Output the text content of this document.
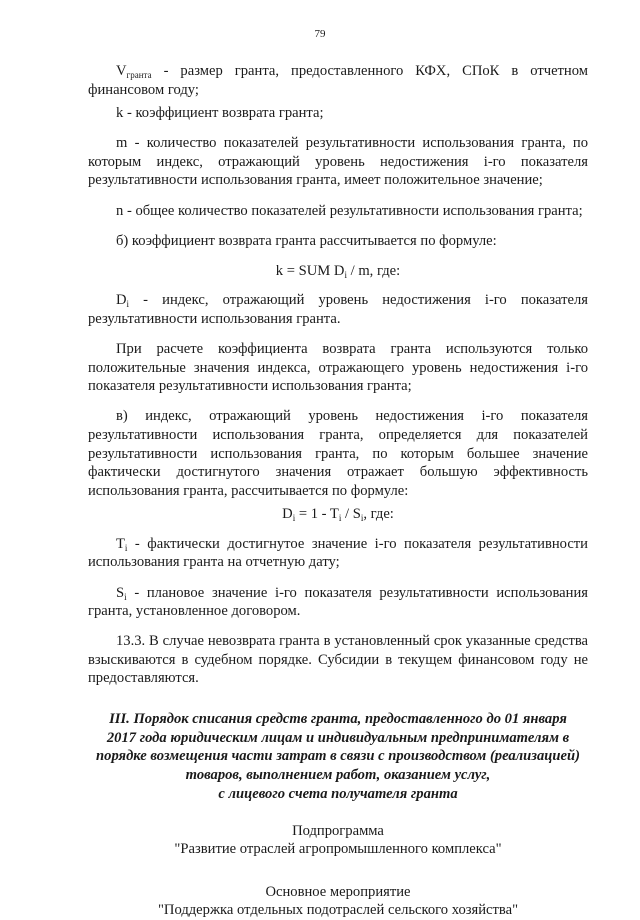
79

$V_{гранта}$ - размер гранта, предоставленного КФХ, СПоК в отчетном финансовом году;

k - коэффициент возврата гранта;

m - количество показателей результативности использования гранта, по которым индекс, отражающий уровень недостижения i-го показателя результативности использования гранта, имеет положительное значение;

n - общее количество показателей результативности использования гранта;

б) коэффициент возврата гранта рассчитывается по формуле:

k = SUM $D_i$ / m, где:

$D_i$ - индекс, отражающий уровень недостижения i-го показателя результативности использования гранта.

При расчете коэффициента возврата гранта используются только положительные значения индекса, отражающего уровень недостижения i-го показателя результативности использования гранта;

в) индекс, отражающий уровень недостижения i-го показателя результативности использования гранта, определяется для показателей результативности использования гранта, по которым большее значение фактически достигнутого значения отражает большую эффективность использования гранта, рассчитывается по формуле:

$D_i = 1 - T_i / S_i$, где:

$T_i$ - фактически достигнутое значение i-го показателя результативности использования гранта на отчетную дату;

$S_i$ - плановое значение i-го показателя результативности использования гранта, установленное договором.

13.3. В случае невозврата гранта в установленный срок указанные средства взыскиваются в судебном порядке. Субсидии в текущем финансовом году не предоставляются.

III. Порядок списания средств гранта, предоставленного до 01 января
2017 года юридическим лицам и индивидуальным предпринимателям в
порядке возмещения части затрат в связи с производством (реализацией)
товаров, выполнением работ, оказанием услуг,
с лицевого счета получателя гранта

Подпрограмма

"Развитие отраслей агропромышленного комплекса"

Основное мероприятие

"Поддержка отдельных подотраслей сельского хозяйства"
